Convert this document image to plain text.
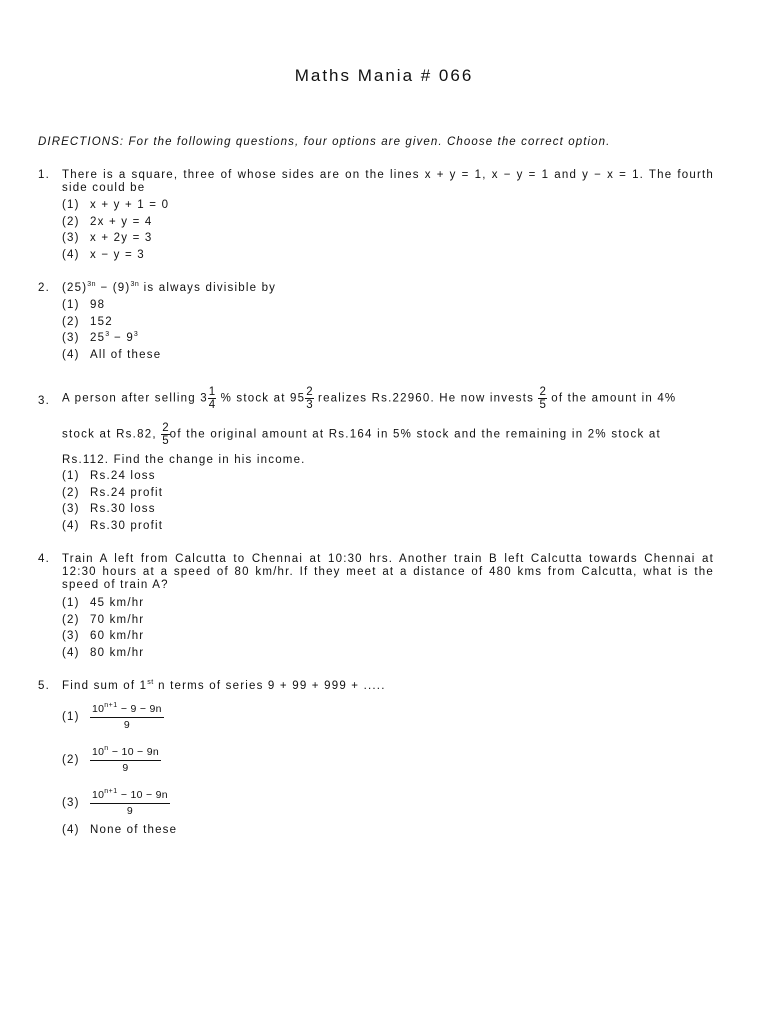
Maths Mania # 066
DIRECTIONS: For the following questions, four options are given. Choose the correct option.
1. There is a square, three of whose sides are on the lines x + y = 1, x − y = 1 and y − x = 1. The fourth side could be
(1) x + y + 1 = 0
(2) 2x + y = 4
(3) x + 2y = 3
(4) x − y = 3
2. $(25)^{3n} - (9)^{3n}$ is always divisible by
(1) 98
(2) 152
(3) $25^3 - 9^3$
(4) All of these
3. A person after selling $3 \frac{1}{4}$ % stock at $95 \frac{2}{3}$ realizes Rs.22960. He now invests $\frac{2}{5}$ of the amount in 4%
stock at Rs.82, $\frac{2}{5}$ of the original amount at Rs.164 in 5% stock and the remaining in 2% stock at
Rs.112. Find the change in his income.
(1) Rs.24 loss
(2) Rs.24 profit
(3) Rs.30 loss
(4) Rs.30 profit
4. Train A left from Calcutta to Chennai at 10:30 hrs. Another train B left Calcutta towards Chennai at 12:30 hours at a speed of 80 km/hr. If they meet at a distance of 480 kms from Calcutta, what is the speed of train A?
(1) 45 km/hr
(2) 70 km/hr
(3) 60 km/hr
(4) 80 km/hr
5. Find sum of 1st n terms of series 9 + 99 + 999 + .....
$(1) \frac{10^{n+1} - 9 - 9n}{9}$
$(2) \frac{10^n - 10 - 9n}{9}$
$(3) \frac{10^{n+1} - 10 - 9n}{9}$
(4) None of these
